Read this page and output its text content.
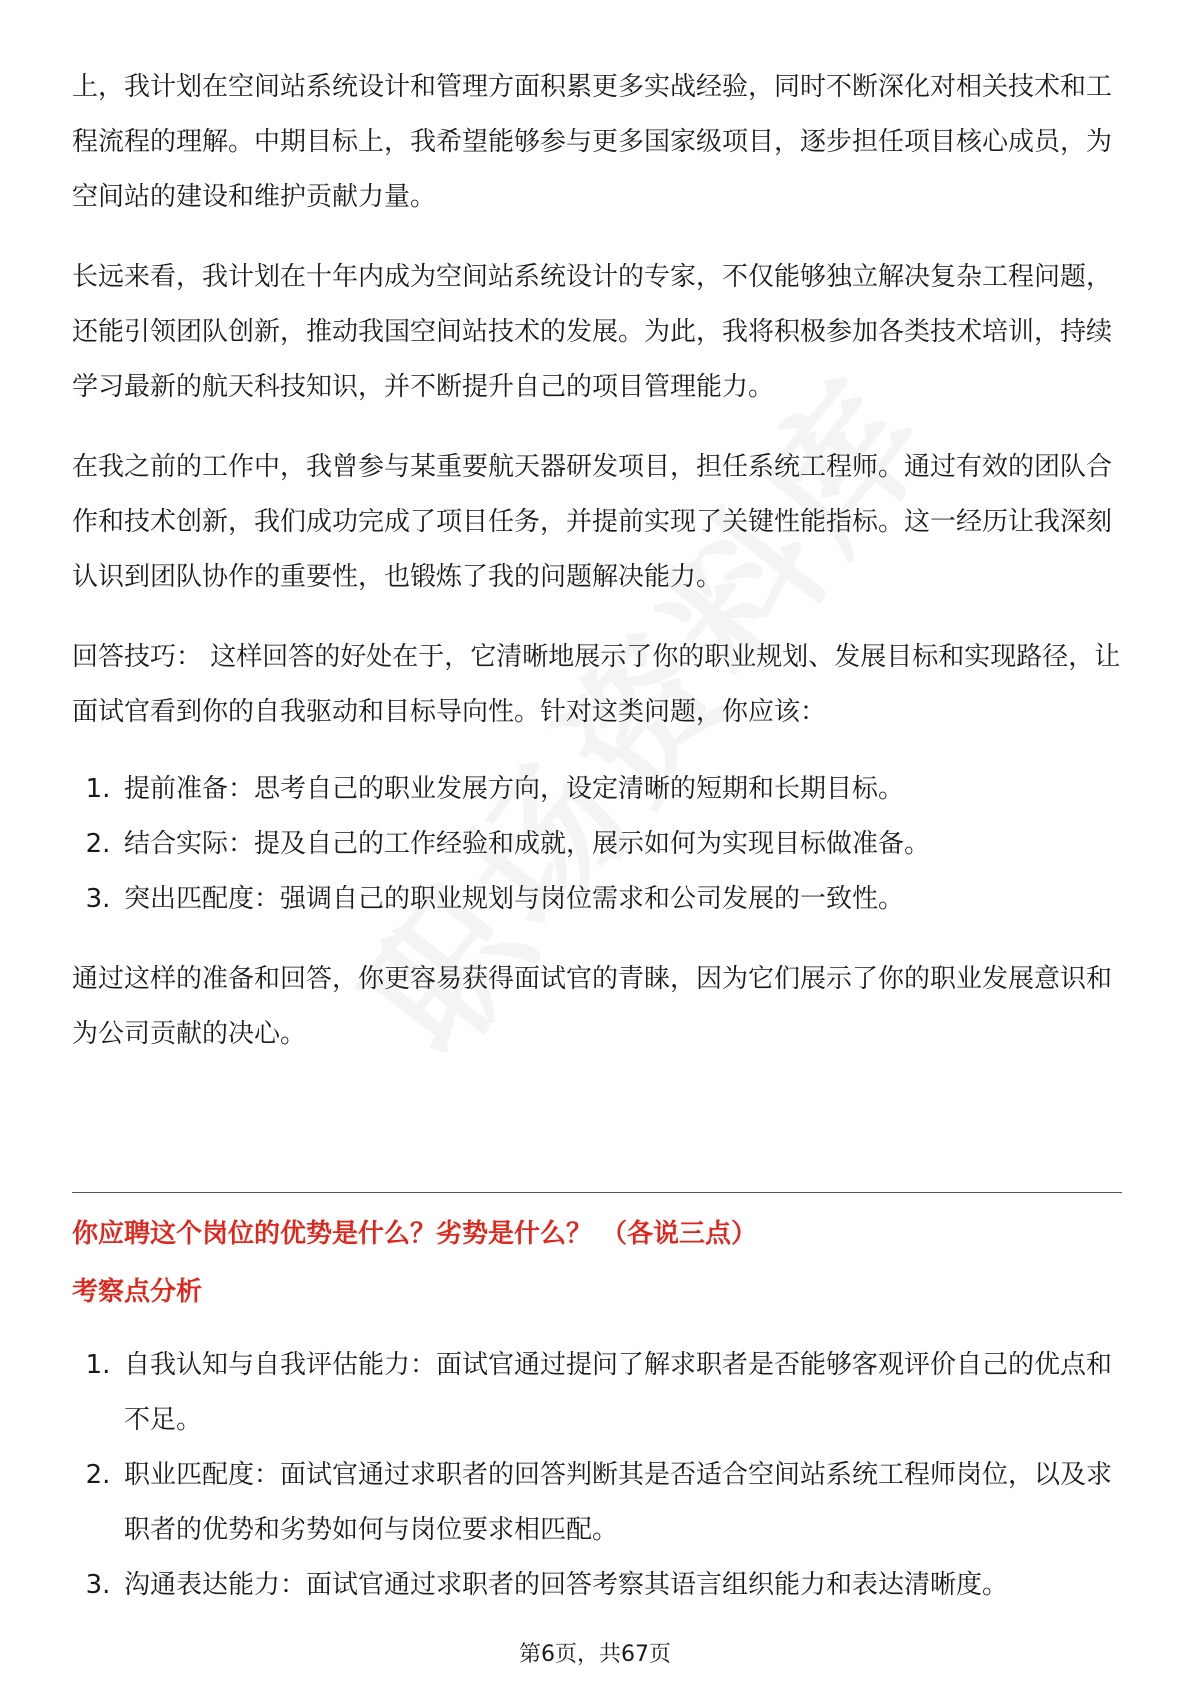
上，我计划在空间站系统设计和管理方面积累更多实战经验，同时不断深化对相关技术和工程流程的理解。中期目标上，我希望能够参与更多国家级项目，逐步担任项目核心成员，为空间站的建设和维护贡献力量。

长远来看，我计划在十年内成为空间站系统设计的专家，不仅能够独立解决复杂工程问题，还能引领团队创新，推动我国空间站技术的发展。为此，我将积极参加各类技术培训，持续学习最新的航天科技知识，并不断提升自己的项目管理能力。

在我之前的工作中，我曾参与某重要航天器研发项目，担任系统工程师。通过有效的团队合作和技术创新，我们成功完成了项目任务，并提前实现了关键性能指标。这一经历让我深刻认识到团队协作的重要性，也锻炼了我的问题解决能力。

回答技巧： 这样回答的好处在于，它清晰地展示了你的职业规划、发展目标和实现路径，让面试官看到你的自我驱动和目标导向性。针对这类问题，你应该：

1. 提前准备：思考自己的职业发展方向，设定清晰的短期和长期目标。
2. 结合实际：提及自己的工作经验和成就，展示如何为实现目标做准备。
3. 突出匹配度：强调自己的职业规划与岗位需求和公司发展的一致性。

通过这样的准备和回答，你更容易获得面试官的青睐，因为它们展示了你的职业发展意识和为公司贡献的决心。

你应聘这个岗位的优势是什么？劣势是什么？ （各说三点）
考察点分析
1. 自我认知与自我评估能力：面试官通过提问了解求职者是否能够客观评价自己的优点和不足。
2. 职业匹配度：面试官通过求职者的回答判断其是否适合空间站系统工程师岗位，以及求职者的优势和劣势如何与岗位要求相匹配。
3. 沟通表达能力：面试官通过求职者的回答考察其语言组织能力和表达清晰度。
第6页，共67页
